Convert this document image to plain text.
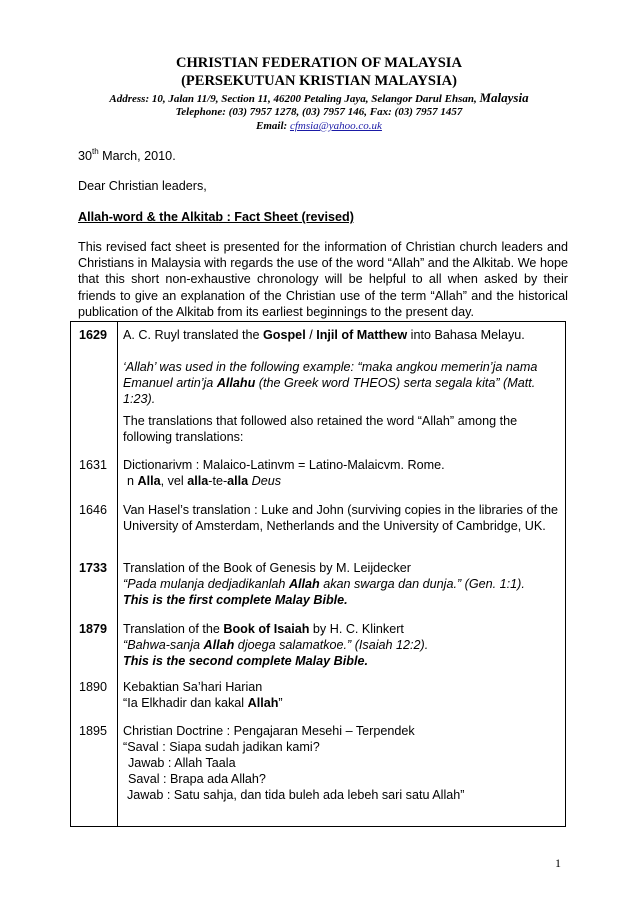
CHRISTIAN FEDERATION OF MALAYSIA
(PERSEKUTUAN KRISTIAN MALAYSIA)
Address: 10, Jalan 11/9, Section 11, 46200 Petaling Jaya, Selangor Darul Ehsan, Malaysia
Telephone: (03) 7957 1278, (03) 7957 146, Fax: (03) 7957 1457
Email: cfmsia@yahoo.co.uk
30th March, 2010.
Dear Christian leaders,
Allah-word & the Alkitab : Fact Sheet (revised)
This revised fact sheet is presented for the information of Christian church leaders and Christians in Malaysia with regards the use of the word “Allah” and the Alkitab. We hope that this short non-exhaustive chronology will be helpful to all when asked by their friends to give an explanation of the Christian use of the term “Allah” and the historical publication of the Alkitab from its earliest beginnings to the present day.
1629 A. C. Ruyl translated the Gospel / Injil of Matthew into Bahasa Melayu.
‘Allah’ was used in the following example: “maka angkou memerin’ja nama Emanuel artin’ja Allahu (the Greek word THEOS) serta segala kita” (Matt. 1:23).
The translations that followed also retained the word “Allah” among the following translations:
1631 Dictionarivm : Malaico-Latinvm = Latino-Malaicvm. Rome.
n Alla, vel alla-te-alla Deus
1646 Van Hasel’s translation : Luke and John (surviving copies in the libraries of the University of Amsterdam, Netherlands and the University of Cambridge, UK.
1733 Translation of the Book of Genesis by M. Leijdecker
“Pada mulanja dedjadikanlah Allah akan swarga dan dunja.” (Gen. 1:1).
This is the first complete Malay Bible.
1879 Translation of the Book of Isaiah by H. C. Klinkert
“Bahwa-sanja Allah djoega salamatkoe.” (Isaiah 12:2).
This is the second complete Malay Bible.
1890 Kebaktian Sa’hari Harian
“Ia Elkhadir dan kakal Allah”
1895 Christian Doctrine : Pengajaran Mesehi – Terpendek
“Saval : Siapa sudah jadikan kami?
Jawab : Allah Taala
Saval : Brapa ada Allah?
Jawab : Satu sahja, dan tida buleh ada lebeh sari satu Allah”
1
